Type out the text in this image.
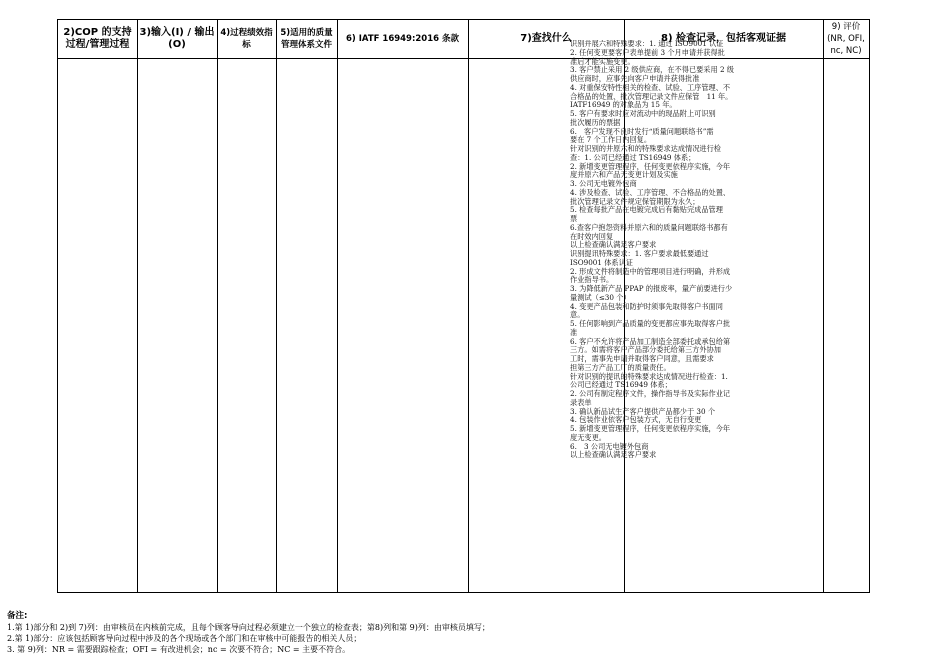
2)COP 的支持过程/管理过程
3)输入(I) / 输出(O)
4)过程绩效指标
5)适用的质量管理体系文件
6) IATF 16949:2016 条款	7)查找什么	8) 检查记录，包括客观证据
9) 评价(NR, OFI, nc, NC)
识别并展六和特殊要求：1. 通过 ISO9001 认证
2. 任何变更要客户表单提前 3 个月申请并获得批
准后才能实施变更。
3. 客户禁止采用 2 级供应商，在不得已要采用 2 级
供应商时，应事先向客户申请并获得批准
4. 对重保安特性相关的检查、试验、工序管理、不
合格品的处置、批次管理记录文件应保管　11 年。
IATF16949 的对象品为 15 年。
5. 客户有要求时应对流动中的现品附上可识别
批次履历的票据
6.　客户发现不良时发行“质量问题联络书”需
要在 7 个工作日内回复。
针对识别的井原六和的特殊要求达成情况进行检
查：1. 公司已经通过 TS16949 体系；
2. 新增变更管理程序，任何变更依程序实施，今年
度并原六和产品无变更计划及实施
3. 公司无电镀外包商
4. 涉及检查、试验、工序管理、不合格品的处置、
批次管理记录文件规定保管期限为永久；
5. 检查每批产品在电镀完成后有黏贴完成品管理
票
6.查客户抱怨资料并原六和的质量问题联络书都有
在时效内回复
以上检查确认满足客户要求
识别提讯特殊要求：1. 客户要求最低要通过
ISO9001 体系认证
2. 形成文件将制造中的管理项目进行明确，并形成
作业指导书。
3. 为降低新产品 PPAP 的报废率，量产前要进行少
量测试（≤30 个）
4. 变更产品包装和防护时须事先取得客户书面同
意。
5. 任何影响到产品质量的变更都应事先取得客户批
准
6. 客户不允许将产品加工制造全部委托或承包给第
三方。如需将客户产品部分委托给第三方外协加
工时，需事先申请并取得客户同意，且需要求
担第三方产品工厂的质量责任。
针对识别的提讯的特殊要求达成情况进行检查：1.
公司已经通过 TS16949 体系；
2. 公司有制定程序文件，操作指导书及实际作业记
录表单
3. 确认新品试生产客户提供产品都少于 30 个
4. 包装作业依客户包装方式，无自行变更
5. 新增变更管理程序，任何变更依程序实施，今年
度无变更。
6.　3 公司无电镀外包商
以上检查确认满足客户要求
备注:
1.第 1)部分和 2)到 7)列：由审核员在内核前完成，且每个顾客导向过程必须建立一个独立的检查表；第8)列和第 9)列：由审核员填写；
2.第 1)部分：应该包括顾客导向过程中涉及的各个现场或各个部门和在审核中可能报告的相关人员；
3. 第 9)列：NR = 需要跟踪检查；OFI = 有改进机会；nc = 次要不符合；NC = 主要不符合。
